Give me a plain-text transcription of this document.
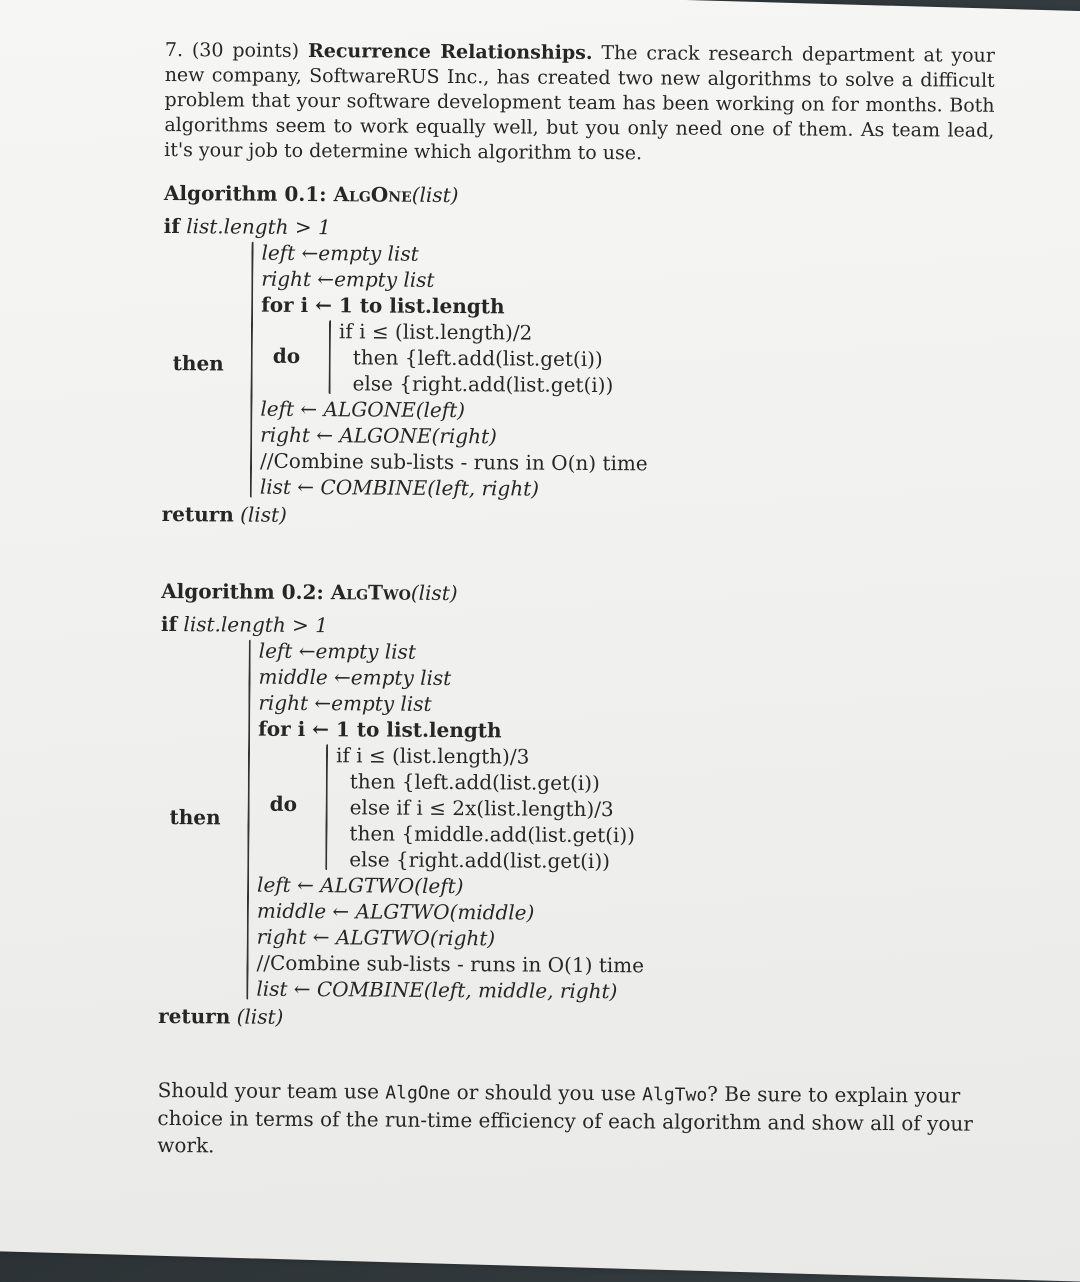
7. (30 points) Recurrence Relationships. The crack research department at your new company, SoftwareRUS Inc., has created two new algorithms to solve a difficult problem that your software development team has been working on for months. Both algorithms seem to work equally well, but you only need one of them. As team lead, it's your job to determine which algorithm to use.

Algorithm 0.1: AlgOne(list)

if list.length > 1
then
left ←empty list
right ←empty list
for i ← 1 to list.length
do
if i ≤ (list.length)/2
then {left.add(list.get(i))
else {right.add(list.get(i))
left ← ALGONE(left)
right ← ALGONE(right)
//Combine sub-lists - runs in O(n) time
list ← COMBINE(left, right)
return (list)

Algorithm 0.2: AlgTwo(list)

if list.length > 1
then
left ←empty list
middle ←empty list
right ←empty list
for i ← 1 to list.length
do
if i ≤ (list.length)/3
then {left.add(list.get(i))
else if i ≤ 2x(list.length)/3
then {middle.add(list.get(i))
else {right.add(list.get(i))
left ← ALGTWO(left)
middle ← ALGTWO(middle)
right ← ALGTWO(right)
//Combine sub-lists - runs in O(1) time
list ← COMBINE(left, middle, right)
return (list)

Should your team use AlgOne or should you use AlgTwo? Be sure to explain your choice in terms of the run-time efficiency of each algorithm and show all of your work.
